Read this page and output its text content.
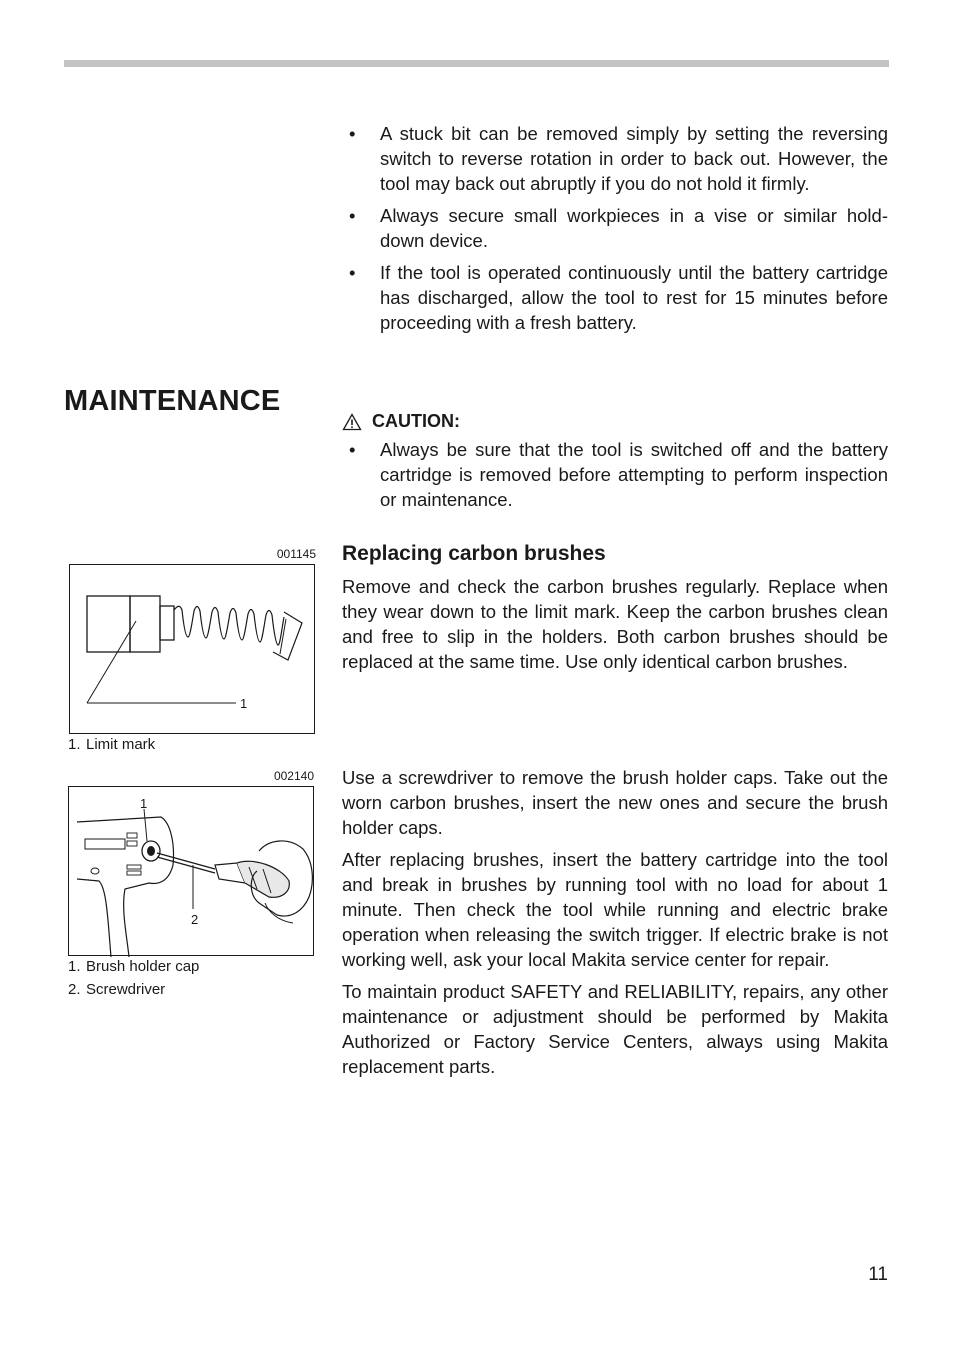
• A stuck bit can be removed simply by setting the reversing switch to reverse rotation in order to back out. However, the tool may back out abruptly if you do not hold it firmly.
• Always secure small workpieces in a vise or similar hold-down device.
• If the tool is operated continuously until the battery cartridge has discharged, allow the tool to rest for 15 minutes before proceeding with a fresh battery.
MAINTENANCE
CAUTION:
• Always be sure that the tool is switched off and the battery cartridge is removed before attempting to perform inspection or maintenance.
Replacing carbon brushes

Remove and check the carbon brushes regularly. Replace when they wear down to the limit mark. Keep the carbon brushes clean and free to slip in the holders. Both carbon brushes should be replaced at the same time. Use only identical carbon brushes.

001145
1
1. Limit mark
002140
1
2
1. Brush holder cap
2. Screwdriver

Use a screwdriver to remove the brush holder caps. Take out the worn carbon brushes, insert the new ones and secure the brush holder caps.

After replacing brushes, insert the battery cartridge into the tool and break in brushes by running tool with no load for about 1 minute. Then check the tool while running and electric brake operation when releasing the switch trigger. If electric brake is not working well, ask your local Makita service center for repair.

To maintain product SAFETY and RELIABILITY, repairs, any other maintenance or adjustment should be performed by Makita Authorized or Factory Service Centers, always using Makita replacement parts.

11
